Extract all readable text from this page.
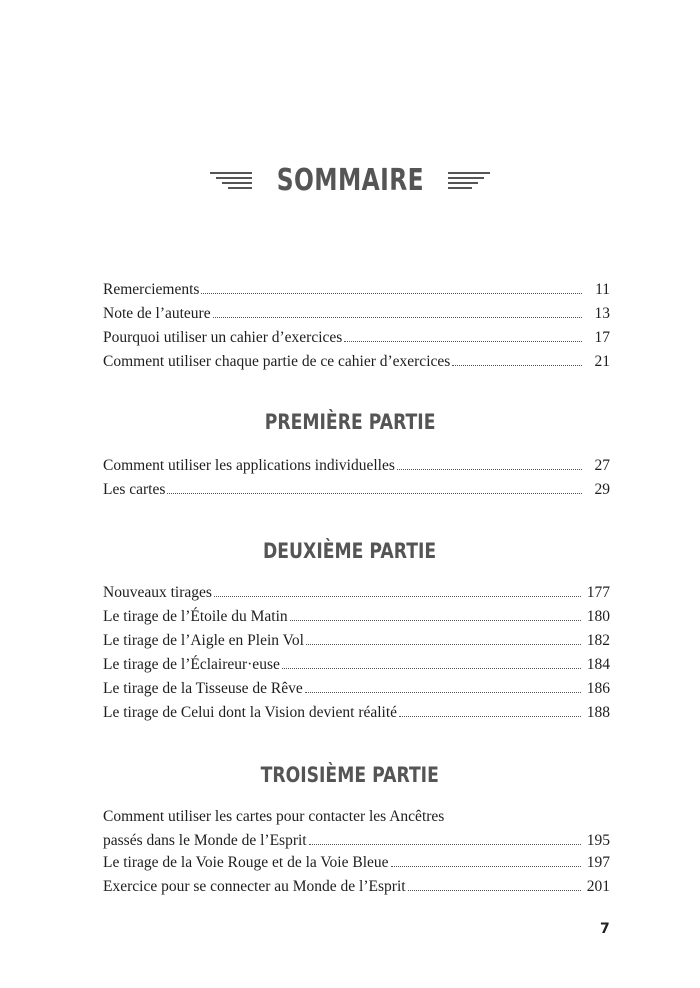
SOMMAIRE
Remerciements	11
Note de l’auteure	13
Pourquoi utiliser un cahier d’exercices	17
Comment utiliser chaque partie de ce cahier d’exercices	21
PREMIÈRE PARTIE
Comment utiliser les applications individuelles	27
Les cartes	29
DEUXIÈME PARTIE
Nouveaux tirages	177
Le tirage de l’Étoile du Matin	180
Le tirage de l’Aigle en Plein Vol	182
Le tirage de l’Éclaireur·euse	184
Le tirage de la Tisseuse de Rêve	186
Le tirage de Celui dont la Vision devient réalité	188
TROISIÈME PARTIE
Comment utiliser les cartes pour contacter les Ancêtres
passés dans le Monde de l’Esprit	195
Le tirage de la Voie Rouge et de la Voie Bleue	197
Exercice pour se connecter au Monde de l’Esprit	201
7
